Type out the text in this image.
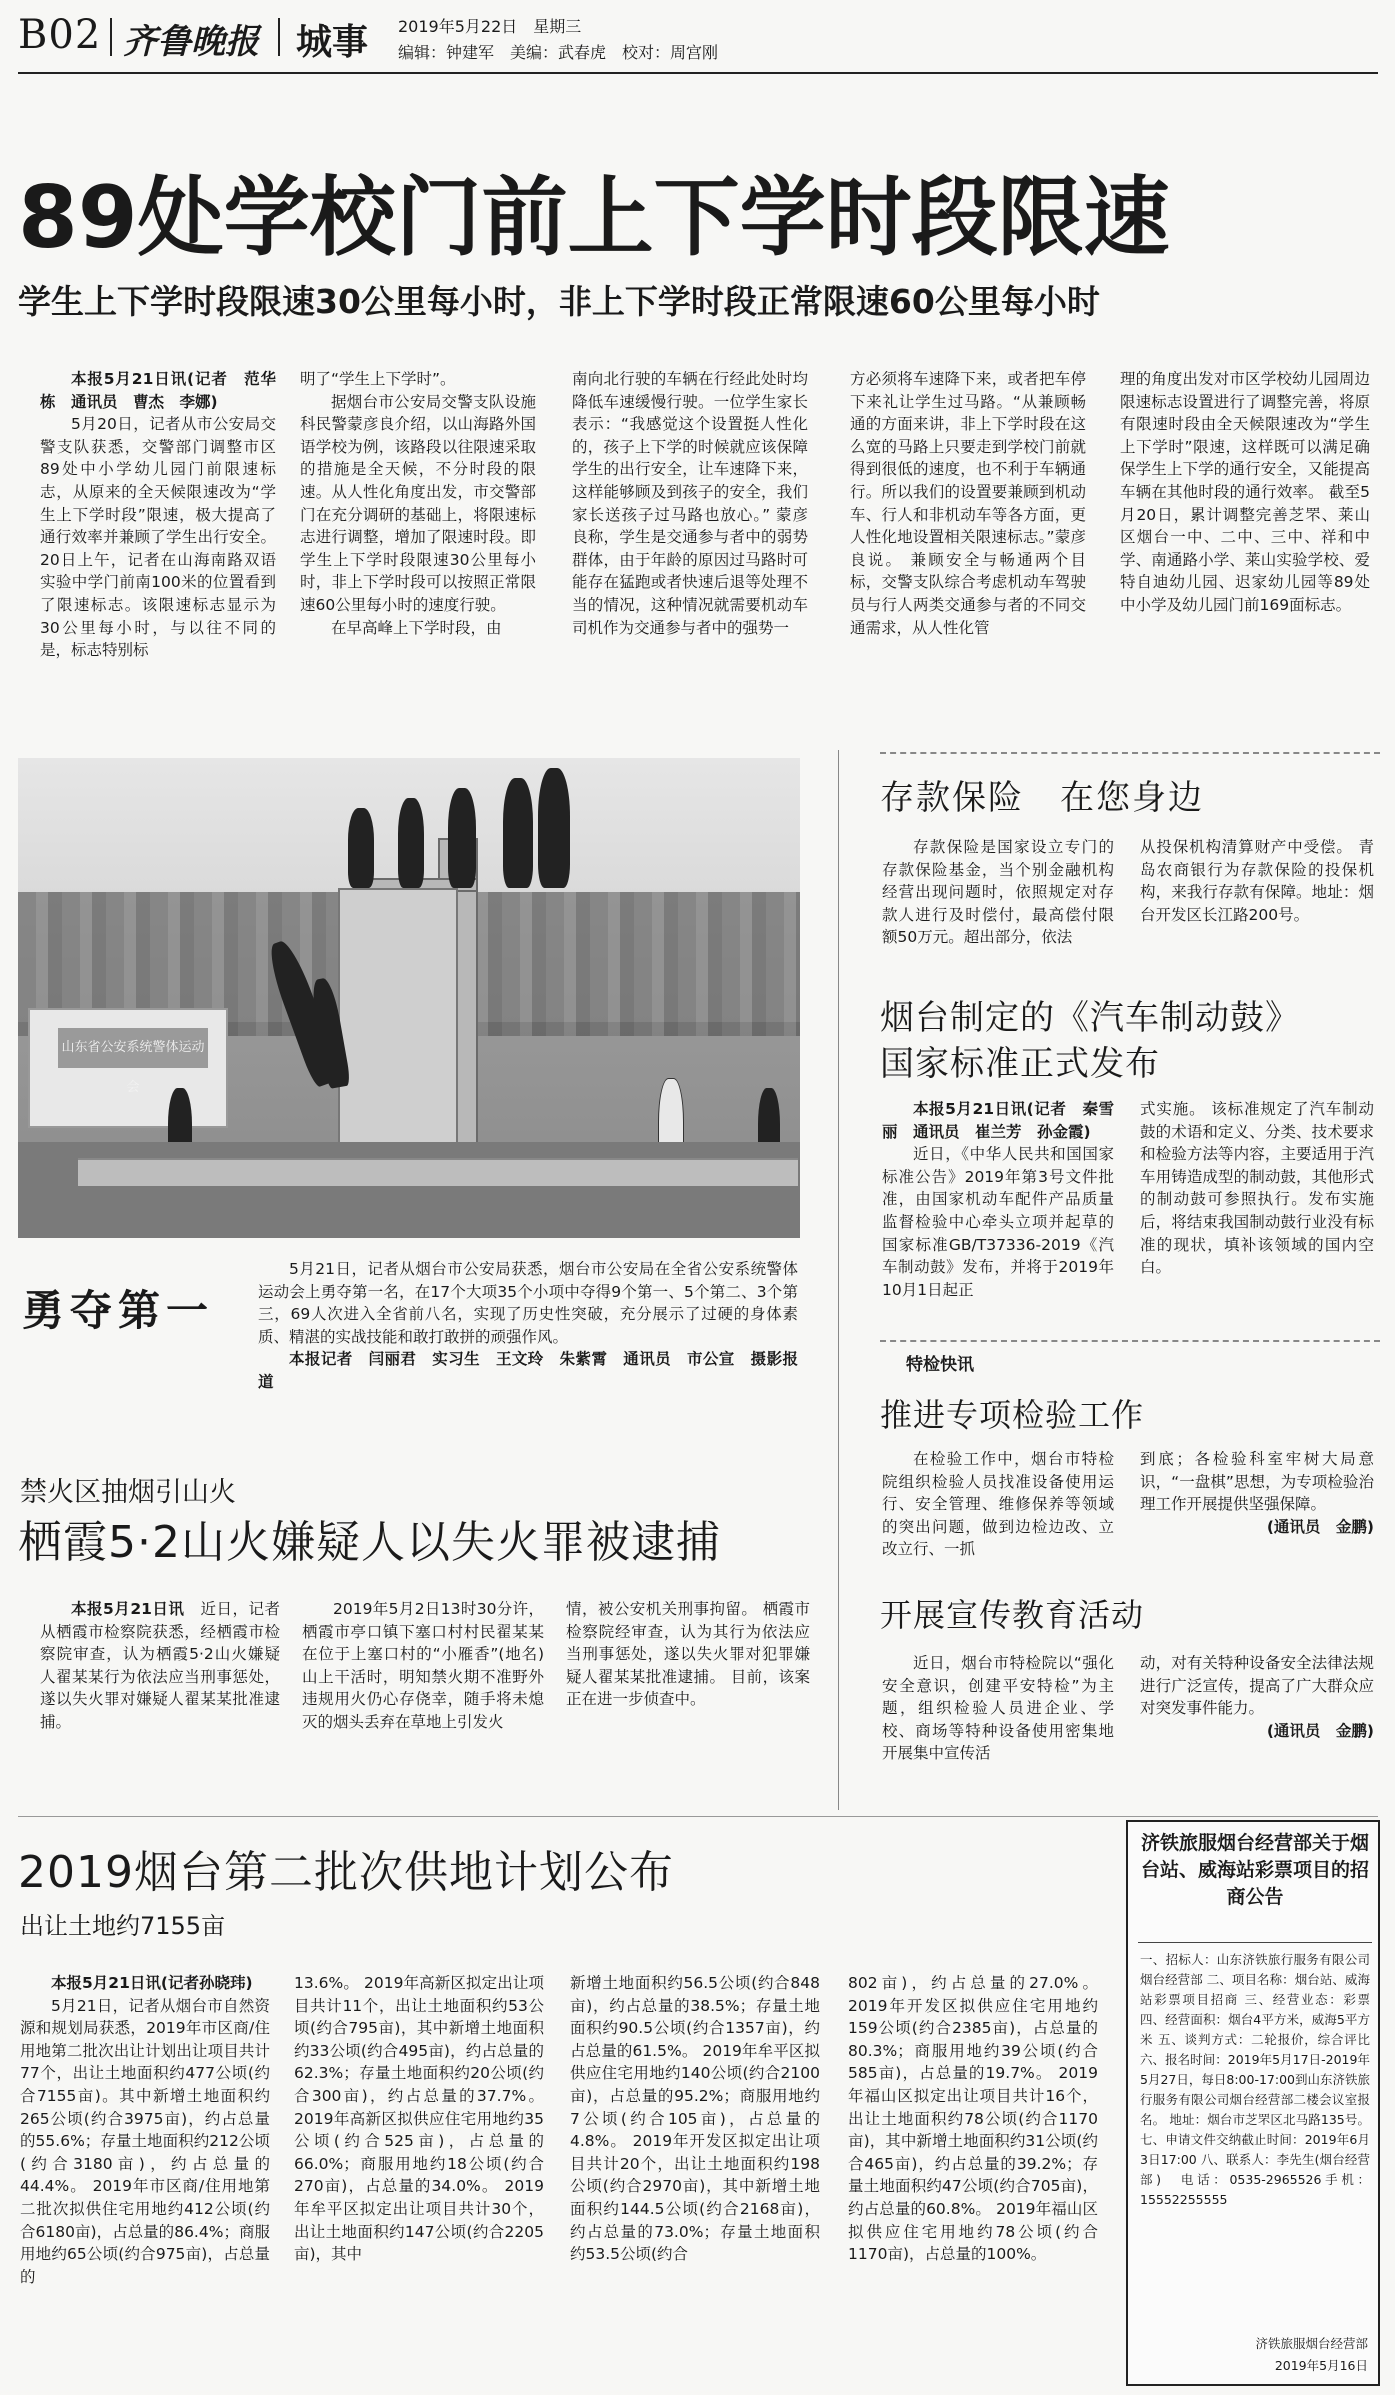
B02 齐鲁晚报 城事 2019年5月22日　星期三
编辑：钟建军　美编：武春虎　校对：周宫刚
89处学校门前上下学时段限速
学生上下学时段限速30公里每小时，非上下学时段正常限速60公里每小时

本报5月21日讯(记者　范华栋　通讯员　曹杰　李娜)

5月20日，记者从市公安局交警支队获悉，交警部门调整市区89处中小学幼儿园门前限速标志，从原来的全天候限速改为“学生上下学时段”限速，极大提高了通行效率并兼顾了学生出行安全。 20日上午，记者在山海南路双语实验中学门前南100米的位置看到了限速标志。该限速标志显示为30公里每小时，与以往不同的是，标志特别标

明了“学生上下学时”。

据烟台市公安局交警支队设施科民警蒙彦良介绍，以山海路外国语学校为例，该路段以往限速采取的措施是全天候，不分时段的限速。从人性化角度出发，市交警部门在充分调研的基础上，将限速标志进行调整，增加了限速时段。即学生上下学时段限速30公里每小时，非上下学时段可以按照正常限速60公里每小时的速度行驶。

在早高峰上下学时段，由

南向北行驶的车辆在行经此处时均降低车速缓慢行驶。一位学生家长表示：“我感觉这个设置挺人性化的，孩子上下学的时候就应该保障学生的出行安全，让车速降下来，这样能够顾及到孩子的安全，我们家长送孩子过马路也放心。” 蒙彦良称，学生是交通参与者中的弱势群体，由于年龄的原因过马路时可能存在猛跑或者快速后退等处理不当的情况，这种情况就需要机动车司机作为交通参与者中的强势一

方必须将车速降下来，或者把车停下来礼让学生过马路。“从兼顾畅通的方面来讲，非上下学时段在这么宽的马路上只要走到学校门前就得到很低的速度，也不利于车辆通行。所以我们的设置要兼顾到机动车、行人和非机动车等各方面，更人性化地设置相关限速标志。”蒙彦良说。 兼顾安全与畅通两个目标，交警支队综合考虑机动车驾驶员与行人两类交通参与者的不同交通需求，从人性化管

理的角度出发对市区学校幼儿园周边限速标志设置进行了调整完善，将原有限速时段由全天候限速改为“学生上下学时”限速，这样既可以满足确保学生上下学的通行安全，又能提高车辆在其他时段的通行效率。 截至5月20日，累计调整完善芝罘、莱山区烟台一中、二中、三中、祥和中学、南通路小学、莱山实验学校、爱特自迪幼儿园、迟家幼儿园等89处中小学及幼儿园门前169面标志。

山东省公安系统警体运动会
勇夺第一

5月21日，记者从烟台市公安局获悉，烟台市公安局在全省公安系统警体运动会上勇夺第一名，在17个大项35个小项中夺得9个第一、5个第二、3个第三，69人次进入全省前八名，实现了历史性突破，充分展示了过硬的身体素质、精湛的实战技能和敢打敢拼的顽强作风。

本报记者　闫丽君　实习生　王文玲　朱紫霄　通讯员　市公宣　摄影报道

存款保险　在您身边

存款保险是国家设立专门的存款保险基金，当个别金融机构经营出现问题时，依照规定对存款人进行及时偿付，最高偿付限额50万元。超出部分，依法

从投保机构清算财产中受偿。 青岛农商银行为存款保险的投保机构，来我行存款有保障。地址：烟台开发区长江路200号。

烟台制定的《汽车制动鼓》
国家标准正式发布

本报5月21日讯(记者　秦雪丽　通讯员　崔兰芳　孙金霞)

近日，《中华人民共和国国家标准公告》2019年第3号文件批准，由国家机动车配件产品质量监督检验中心牵头立项并起草的国家标准GB/T37336-2019《汽车制动鼓》发布，并将于2019年10月1日起正

式实施。 该标准规定了汽车制动鼓的术语和定义、分类、技术要求和检验方法等内容，主要适用于汽车用铸造成型的制动鼓，其他形式的制动鼓可参照执行。发布实施后，将结束我国制动鼓行业没有标准的现状，填补该领域的国内空白。

特检快讯
推进专项检验工作

在检验工作中，烟台市特检院组织检验人员找准设备使用运行、安全管理、维修保养等领域的突出问题，做到边检边改、立改立行、一抓

到底；各检验科室牢树大局意识，“一盘棋”思想，为专项检验治理工作开展提供坚强保障。

(通讯员　金鹏)

开展宣传教育活动

近日，烟台市特检院以“强化安全意识，创建平安特检”为主题，组织检验人员进企业、学校、商场等特种设备使用密集地开展集中宣传活

动，对有关特种设备安全法律法规进行广泛宣传，提高了广大群众应对突发事件能力。

(通讯员　金鹏)

禁火区抽烟引山火
栖霞5·2山火嫌疑人以失火罪被逮捕

本报5月21日讯　 近日，记者从栖霞市检察院获悉，经栖霞市检察院审查，认为栖霞5·2山火嫌疑人翟某某行为依法应当刑事惩处，遂以失火罪对嫌疑人翟某某批准逮捕。

2019年5月2日13时30分许，栖霞市亭口镇下塞口村村民翟某某在位于上塞口村的“小雁香”(地名)山上干活时，明知禁火期不准野外违规用火仍心存侥幸，随手将未熄灭的烟头丢弃在草地上引发火

情，被公安机关刑事拘留。 栖霞市检察院经审查，认为其行为依法应当刑事惩处，遂以失火罪对犯罪嫌疑人翟某某批准逮捕。 目前，该案正在进一步侦查中。

2019烟台第二批次供地计划公布
出让土地约7155亩

本报5月21日讯(记者孙晓玮)

5月21日，记者从烟台市自然资源和规划局获悉，2019年市区商/住用地第二批次出让计划出让项目共计77个，出让土地面积约477公顷(约合7155亩)。其中新增土地面积约265公顷(约合3975亩)，约占总量的55.6%；存量土地面积约212公顷(约合3180亩)，约占总量的44.4%。 2019年市区商/住用地第二批次拟供住宅用地约412公顷(约合6180亩)，占总量的86.4%；商服用地约65公顷(约合975亩)，占总量的

13.6%。 2019年高新区拟定出让项目共计11个，出让土地面积约53公顷(约合795亩)，其中新增土地面积约33公顷(约合495亩)，约占总量的62.3%；存量土地面积约20公顷(约合300亩)，约占总量的37.7%。 2019年高新区拟供应住宅用地约35公顷(约合525亩)，占总量的66.0%；商服用地约18公顷(约合270亩)，占总量的34.0%。 2019年牟平区拟定出让项目共计30个，出让土地面积约147公顷(约合2205亩)，其中

新增土地面积约56.5公顷(约合848亩)，约占总量的38.5%；存量土地面积约90.5公顷(约合1357亩)，约占总量的61.5%。 2019年牟平区拟供应住宅用地约140公顷(约合2100亩)，占总量的95.2%；商服用地约7公顷(约合105亩)，占总量的4.8%。 2019年开发区拟定出让项目共计20个，出让土地面积约198公顷(约合2970亩)，其中新增土地面积约144.5公顷(约合2168亩)，约占总量的73.0%；存量土地面积约53.5公顷(约合

802亩)，约占总量的27.0%。 2019年开发区拟供应住宅用地约159公顷(约合2385亩)，占总量的80.3%；商服用地约39公顷(约合585亩)，占总量的19.7%。 2019年福山区拟定出让项目共计16个，出让土地面积约78公顷(约合1170亩)，其中新增土地面积约31公顷(约合465亩)，约占总量的39.2%；存量土地面积约47公顷(约合705亩)，约占总量的60.8%。 2019年福山区拟供应住宅用地约78公顷(约合1170亩)，占总量的100%。

济铁旅服烟台经营部关于烟台站、威海站彩票项目的招商公告
一、招标人：山东济铁旅行服务有限公司烟台经营部 二、项目名称：烟台站、威海站彩票项目招商 三、经营业态：彩票 四、经营面积：烟台4平方米，威海5平方米 五、谈判方式：二轮报价，综合评比 六、报名时间：2019年5月17日-2019年5月27日，每日8:00-17:00到山东济铁旅行服务有限公司烟台经营部二楼会议室报名。 地址：烟台市芝罘区北马路135号。 七、申请文件交纳截止时间：2019年6月3日17:00 八、联系人：李先生(烟台经营部)　电话：0535-2965526手机：15552255555
济铁旅服烟台经营部
2019年5月16日
